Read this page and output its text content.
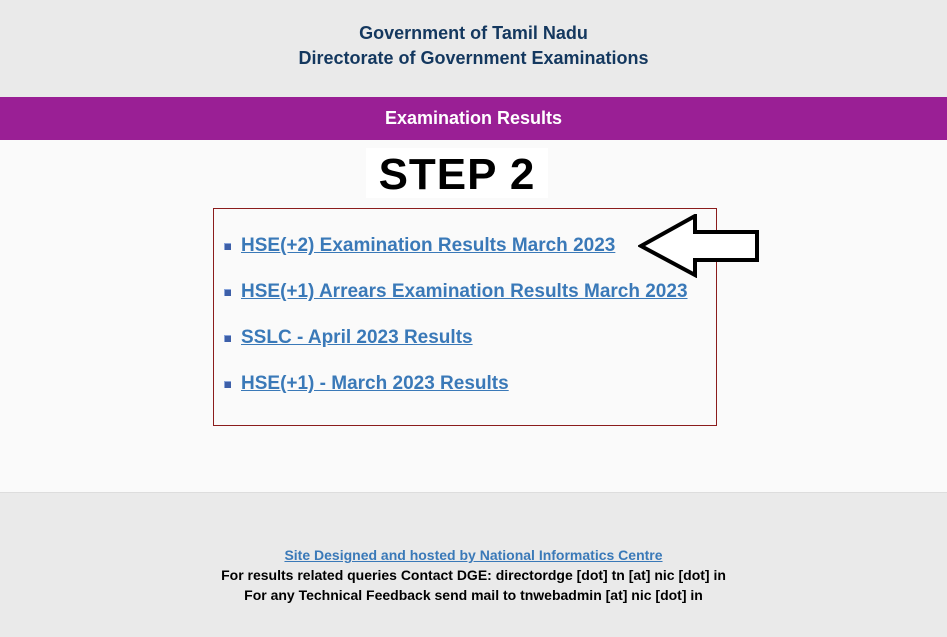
Government of Tamil Nadu
Directorate of Government Examinations
Examination Results
STEP 2
HSE(+2) Examination Results March 2023
HSE(+1) Arrears Examination Results March 2023
SSLC - April 2023 Results
HSE(+1) - March 2023 Results
Site Designed and hosted by National Informatics Centre
For results related queries Contact DGE: directordge [dot] tn [at] nic [dot] in
For any Technical Feedback send mail to tnwebadmin [at] nic [dot] in
